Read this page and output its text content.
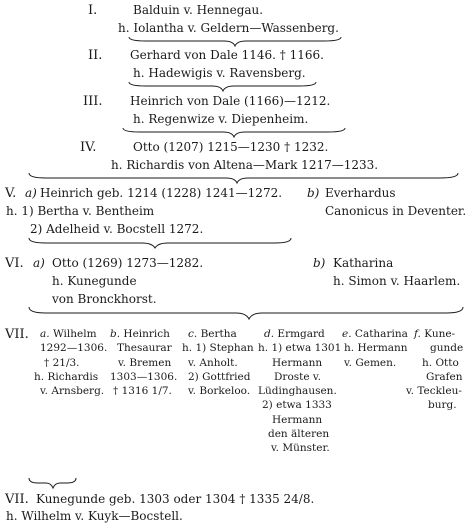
I.	Balduin v. Hennegau.
h. Iolantha v. Geldern—Wassenberg.
II. Gerhard von Dale 1146. † 1166.
h. Hadewigis v. Ravensberg.
III. Heinrich von Dale (1166)—1212.
h. Regenwize v. Diepenheim.
IV.	Otto (1207) 1215—1230 † 1232.
h. Richardis von Altena—Mark 1217—1233.
V. a) Heinrich geb. 1214 (1228) 1241—1272.
h. 1) Bertha v. Bentheim
2) Adelheid v. Bocstell 1272.
b) Everhardus
Canonicus in Deventer.
VI. a) Otto (1269) 1273—1282.
h. Kunegunde
von Bronckhorst.
b) Katharina
h. Simon v. Haarlem.
VII. a. Wilhelm
1292—1306.
† 21/3.
h. Richardis
v. Arnsberg.
b. Heinrich
Thesaurar
v. Bremen
1303—1306.
† 1316 1/7.
c. Bertha
h. 1) Stephan
v. Anholt.
2) Gottfried
v. Borkeloo.
d. Ermgard
h. 1) etwa 1301
Hermann
Droste v.
Lüdinghausen.
2) etwa 1333
Hermann
den älteren
v. Münster.
e. Catharina
h. Hermann
v. Gemen.
f. Kune-
gunde
h. Otto
Grafen
v. Teckleu-
burg.
VII. Kunegunde geb. 1303 oder 1304 † 1335 24/8.
h. Wilhelm v. Kuyk—Bocstell.
